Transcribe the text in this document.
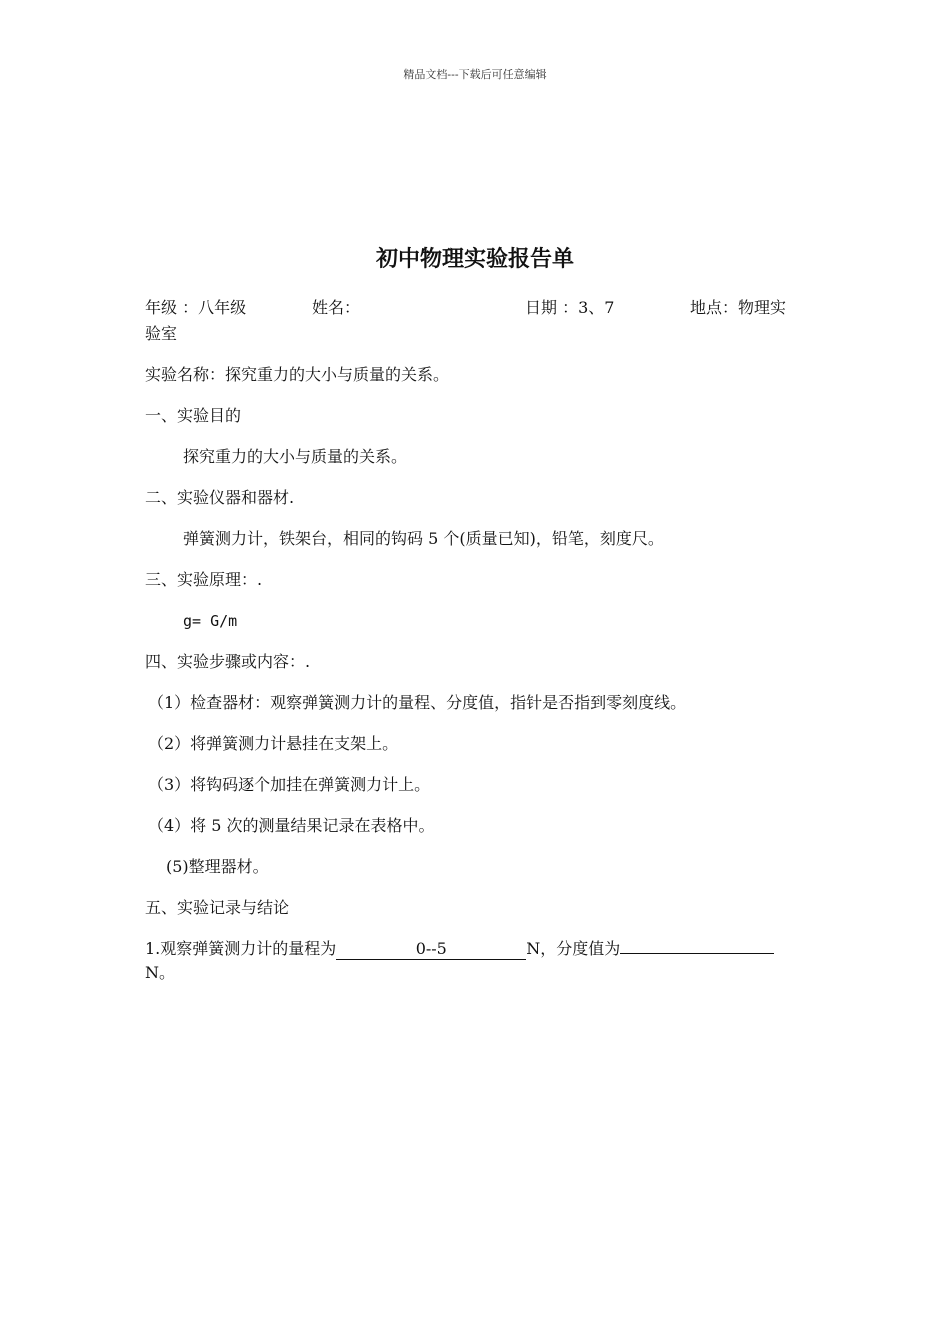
精品文档---下载后可任意编辑
初中物理实验报告单
年级 ：八年级	姓名：	日期 ：3、7	地点：物理实
验室
实验名称：探究重力的大小与质量的关系。
一、实验目的
探究重力的大小与质量的关系。
二、实验仪器和器材.
弹簧测力计，铁架台，相同的钩码 5 个(质量已知)，铅笔，刻度尺。
三、实验原理：.
g= G/m
四、实验步骤或内容：.
（1）检查器材：观察弹簧测力计的量程、分度值，指针是否指到零刻度线。
（2）将弹簧测力计悬挂在支架上。
（3）将钩码逐个加挂在弹簧测力计上。
（4）将 5 次的测量结果记录在表格中。
(5)整理器材。
五、实验记录与结论
1.观察弹簧测力计的量程为	0--5	N，分度值为
N。
